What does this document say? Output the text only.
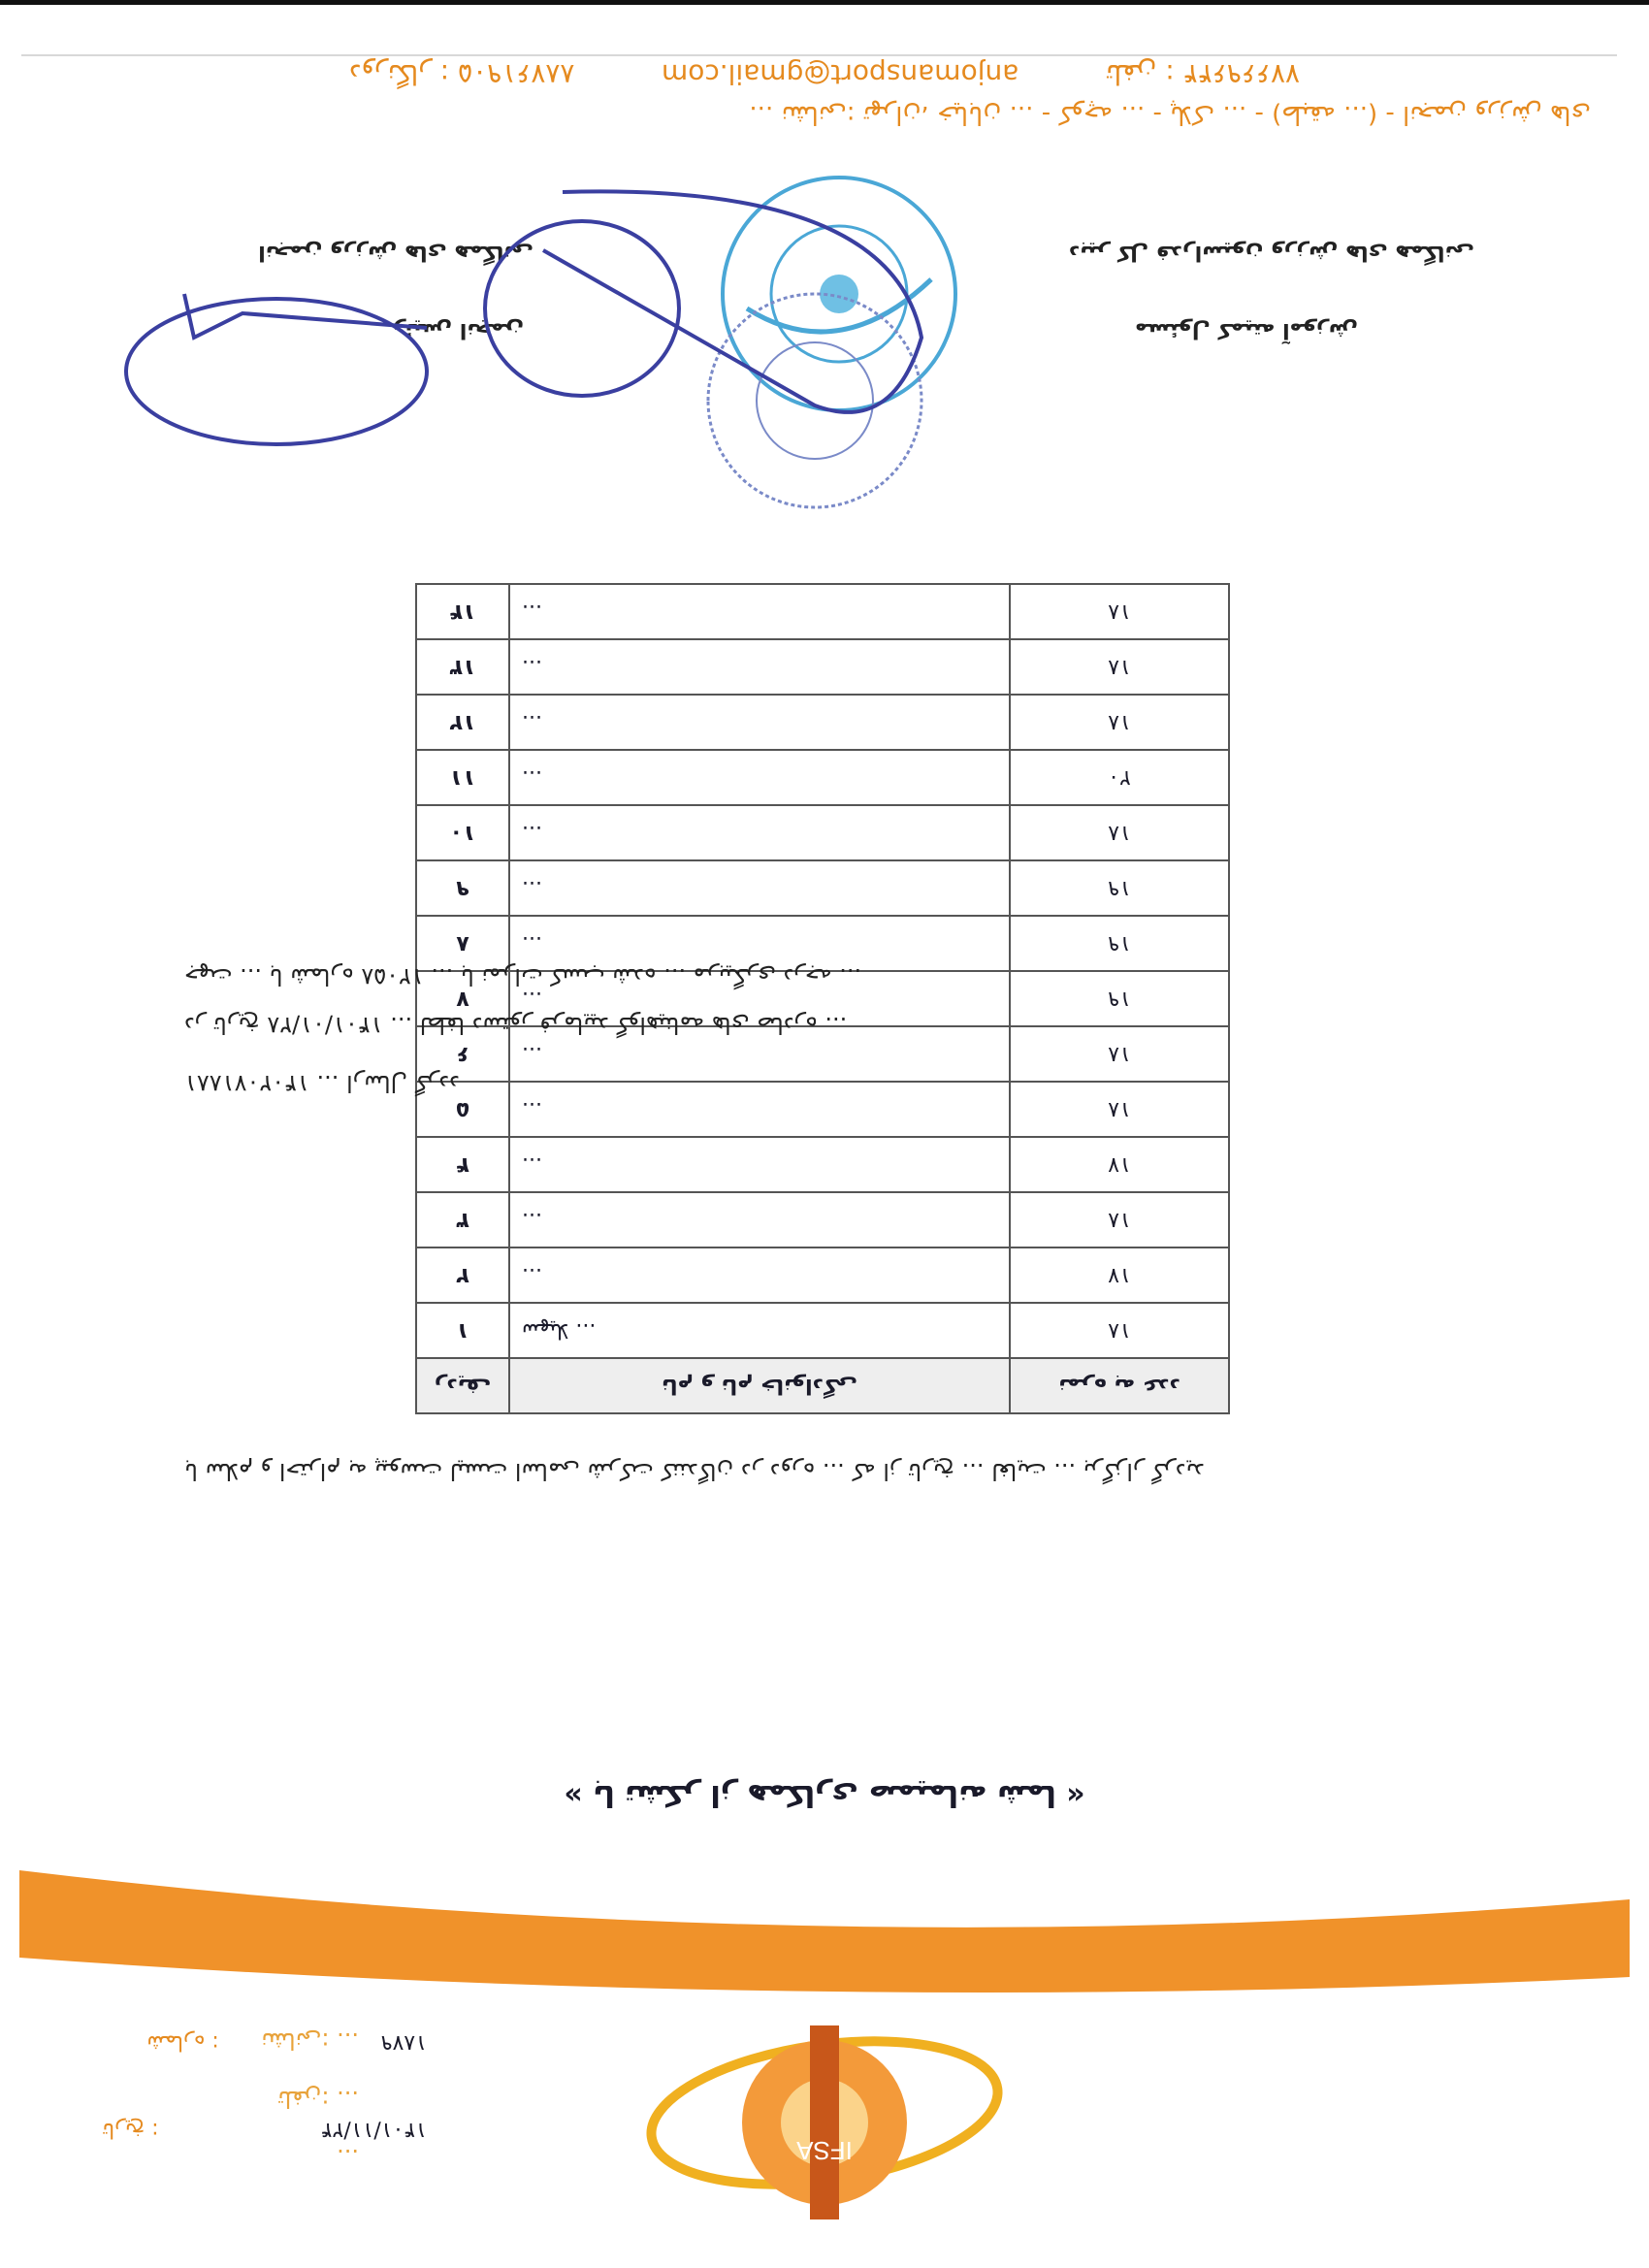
نشانی: تهران، خیابان ... - کوچه ... - پلاک ... - (طبقه ...) - انجمن ورزش های ...
تلفن : ۷۷۶۶۹۶۴۴
anjomansport@gmail.com
دورنگار : ۸۸۷۶۱۹۰۵
دبیر کل فدراسیون ورزش های همگانی
مسئول کمیته آموزش
انجمن ورزش های همگانی
رئیس انجمن
ردیف	نام و نام خانوادگی	نمره به عدد
۱	سهیلا ...	۱۸
۲	...	۱۷
۳	...	۱۸
۴	...	۱۷
۵	...	۱۸
۶	...	۱۸
۷	...	۱۹
۸	...	۱۹
۹	...	۱۹
۱۰	...	۱۸
۱۱	...	۲۰
۱۲	...	۱۸
۱۳	...	۱۸
۱۴	...	۱۸
با سلام و احترام به پیوست لیست اسامی شرکت کنندگان در دوره ... که از تاریخ ... لغایت ... برگزار گردید
جهت ... با شماره ۱۲۰۵۸ ... با نمرات کسب شده ... مربیگری درجه ...
در تاریخ ۱۴۰۱/۰۱/۲۸ ... لطفا دستور فرمایید گواهینامه های صادره ...
۱۴۰۲۰۷۱۸۸۱ ... ارسال گردد
« با تشکر از همکاری صمیمانه شما »
IFSA
شماره :	۱۸۷۹
تاریخ :	۱۴۰۱/۱۱/۲۴
نشانی: ...
تلفن: ...
...
